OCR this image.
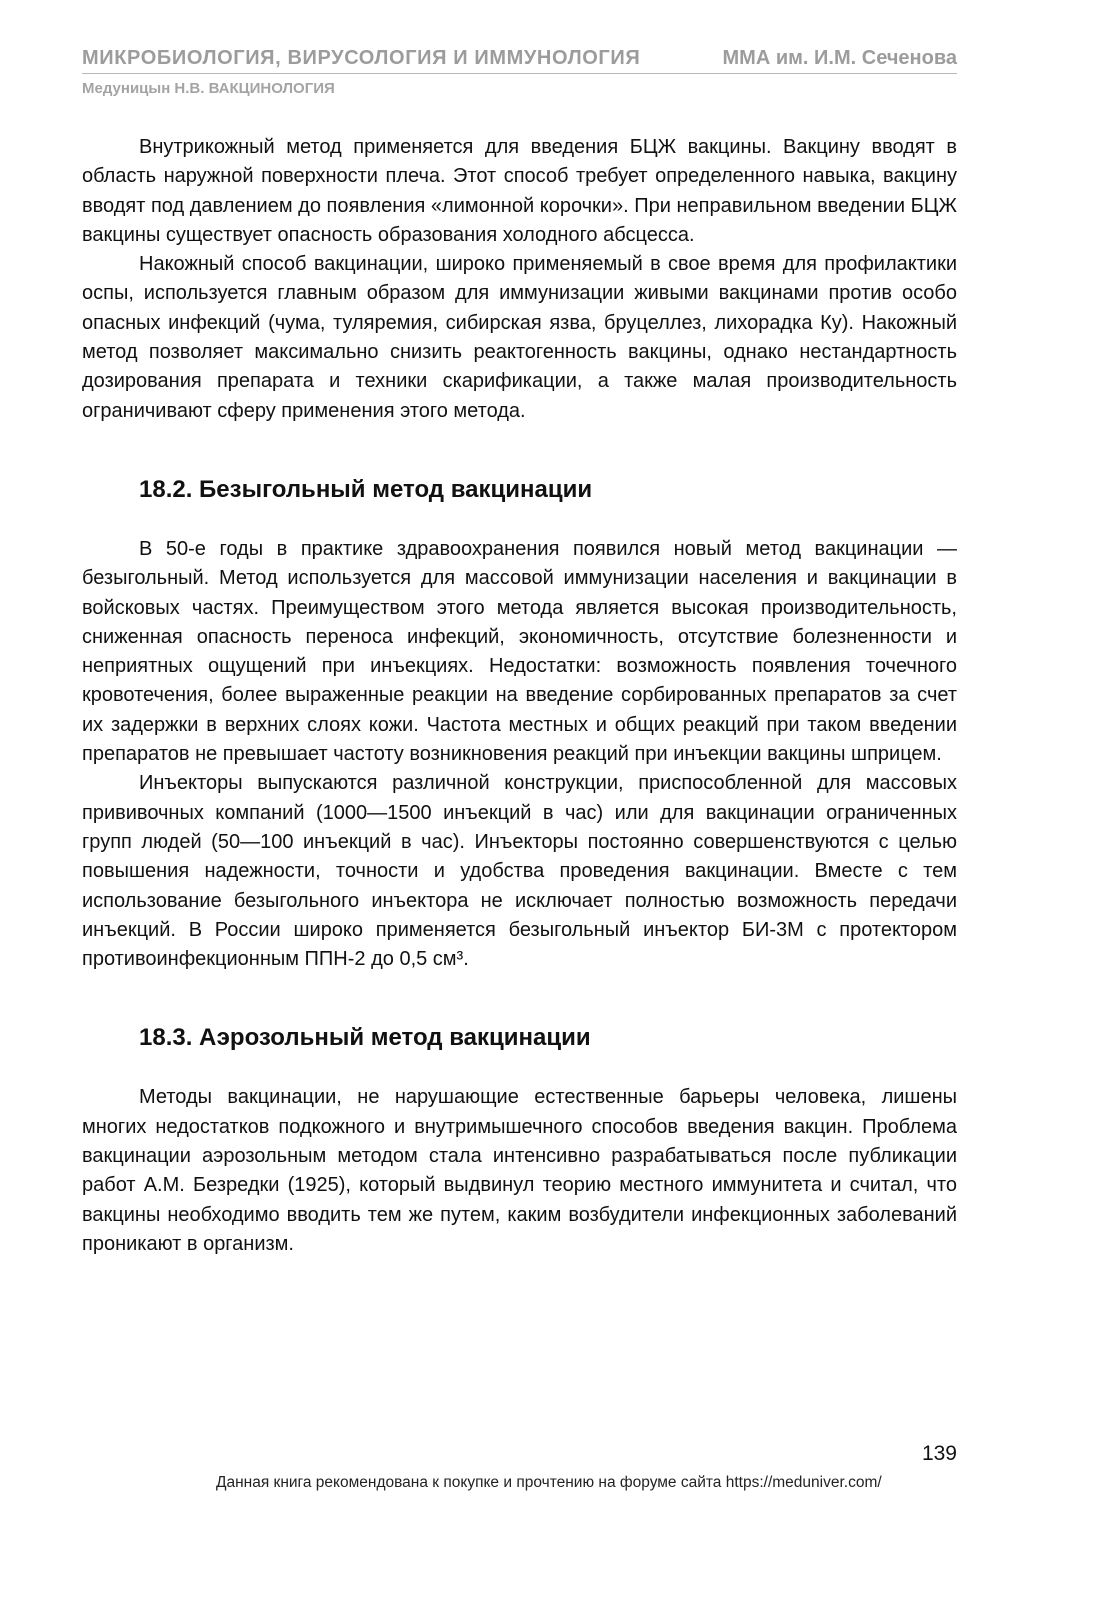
МИКРОБИОЛОГИЯ, ВИРУСОЛОГИЯ И ИММУНОЛОГИЯ	ММА им. И.М. Сеченова
Медуницын Н.В. ВАКЦИНОЛОГИЯ

Внутрикожный метод применяется для введения БЦЖ вакцины. Вакцину вводят в область наружной поверхности плеча. Этот способ требует определенного навыка, вакцину вводят под давлением до появления «лимонной корочки». При неправильном введении БЦЖ вакцины существует опасность образования холодного абсцесса.

Накожный способ вакцинации, широко применяемый в свое время для профилактики оспы, используется главным образом для иммунизации живыми вакцинами против особо опасных инфекций (чума, туляремия, сибирская язва, бруцеллез, лихорадка Ку). Накожный метод позволяет максимально снизить реактогенность вакцины, однако нестандартность дозирования препарата и техники скарификации, а также малая производительность ограничивают сферу применения этого метода.

18.2. Безыгольный метод вакцинации

В 50-е годы в практике здравоохранения появился новый метод вакцинации — безыгольный. Метод используется для массовой иммунизации населения и вакцинации в войсковых частях. Преимуществом этого метода является высокая производительность, сниженная опасность переноса инфекций, экономичность, отсутствие болезненности и неприятных ощущений при инъекциях. Недостатки: возможность появления точечного кровотечения, более выраженные реакции на введение сорбированных препаратов за счет их задержки в верхних слоях кожи. Частота местных и общих реакций при таком введении препаратов не превышает частоту возникновения реакций при инъекции вакцины шприцем.

Инъекторы выпускаются различной конструкции, приспособленной для массовых прививочных компаний (1000—1500 инъекций в час) или для вакцинации ограниченных групп людей (50—100 инъекций в час). Инъекторы постоянно совершенствуются с целью повышения надежности, точности и удобства проведения вакцинации. Вместе с тем использование безыгольного инъектора не исключает полностью возможность передачи инъекций. В России широко применяется безыгольный инъектор БИ-3М с протектором противоинфекционным ППН-2 до 0,5 см³.

18.3. Аэрозольный метод вакцинации

Методы вакцинации, не нарушающие естественные барьеры человека, лишены многих недостатков подкожного и внутримышечного способов введения вакцин. Проблема вакцинации аэрозольным методом стала интенсивно разрабатываться после публикации работ А.М. Безредки (1925), который выдвинул теорию местного иммунитета и считал, что вакцины необходимо вводить тем же путем, каким возбудители инфекционных заболеваний проникают в организм.

139
Данная книга рекомендована к покупке и прочтению на форуме сайта https://meduniver.com/
